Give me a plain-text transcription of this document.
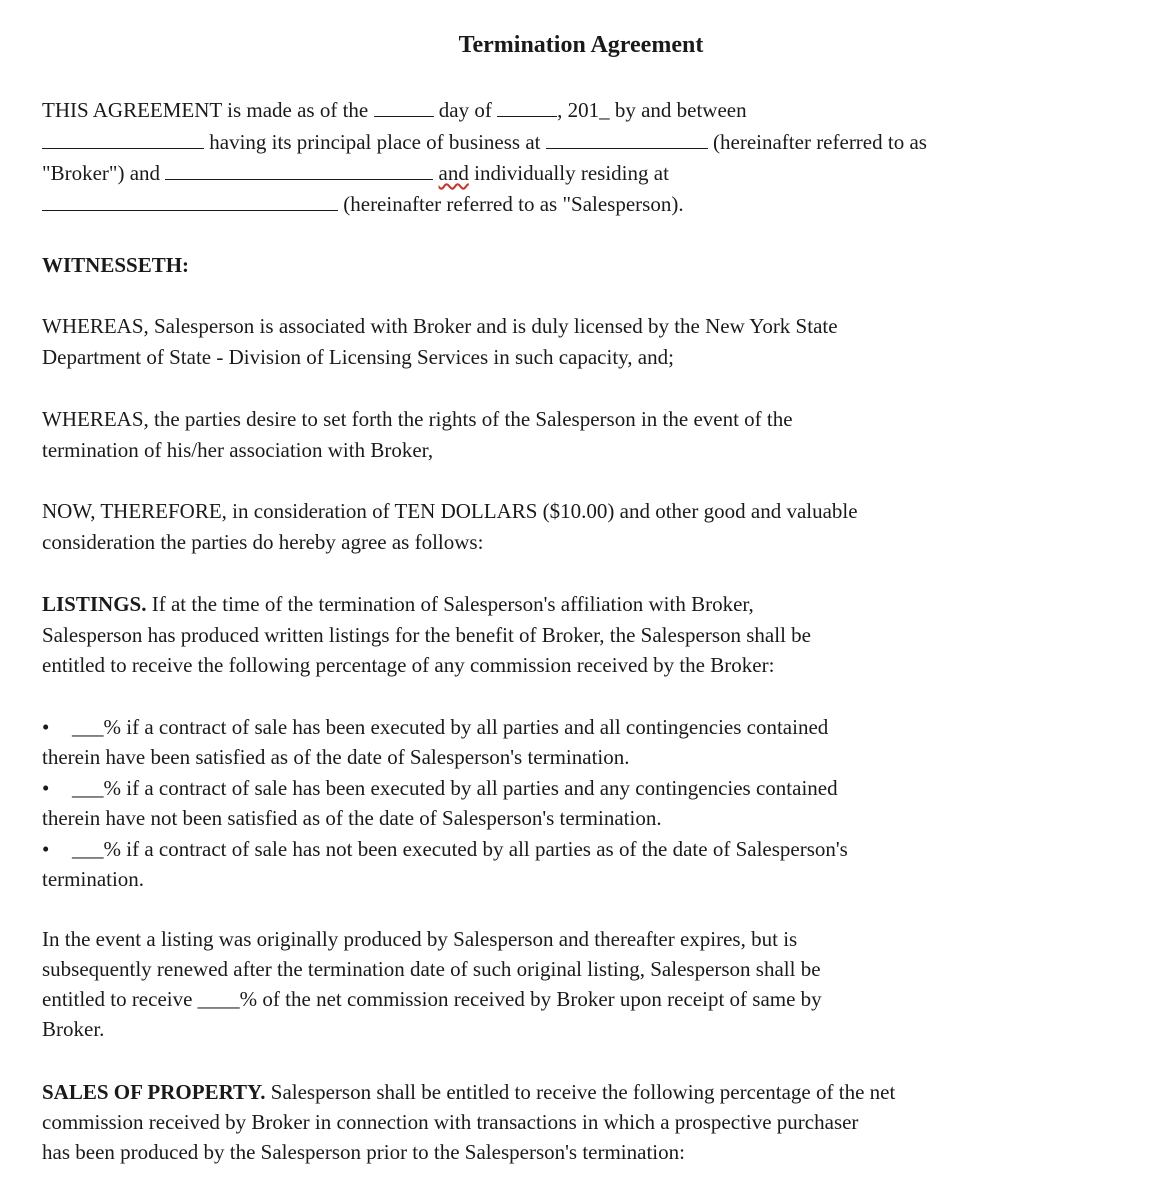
Termination Agreement
THIS AGREEMENT is made as of the	day of	, 201_ by and between
having its principal place of business at	(hereinafter referred to as
"Broker") and	and individually residing at
(hereinafter referred to as "Salesperson).
WITNESSETH:
WHEREAS, Salesperson is associated with Broker and is duly licensed by the New York State
Department of State - Division of Licensing Services in such capacity, and;
WHEREAS, the parties desire to set forth the rights of the Salesperson in the event of the
termination of his/her association with Broker,
NOW, THEREFORE, in consideration of TEN DOLLARS ($10.00) and other good and valuable
consideration the parties do hereby agree as follows:
LISTINGS. If at the time of the termination of Salesperson's affiliation with Broker,
Salesperson has produced written listings for the benefit of Broker, the Salesperson shall be
entitled to receive the following percentage of any commission received by the Broker:
• ___% if a contract of sale has been executed by all parties and all contingencies contained
therein have been satisfied as of the date of Salesperson's termination.
• ___% if a contract of sale has been executed by all parties and any contingencies contained
therein have not been satisfied as of the date of Salesperson's termination.
• ___% if a contract of sale has not been executed by all parties as of the date of Salesperson's
termination.
In the event a listing was originally produced by Salesperson and thereafter expires, but is
subsequently renewed after the termination date of such original listing, Salesperson shall be
entitled to receive ____% of the net commission received by Broker upon receipt of same by
Broker.
SALES OF PROPERTY. Salesperson shall be entitled to receive the following percentage of the net
commission received by Broker in connection with transactions in which a prospective purchaser
has been produced by the Salesperson prior to the Salesperson's termination:
